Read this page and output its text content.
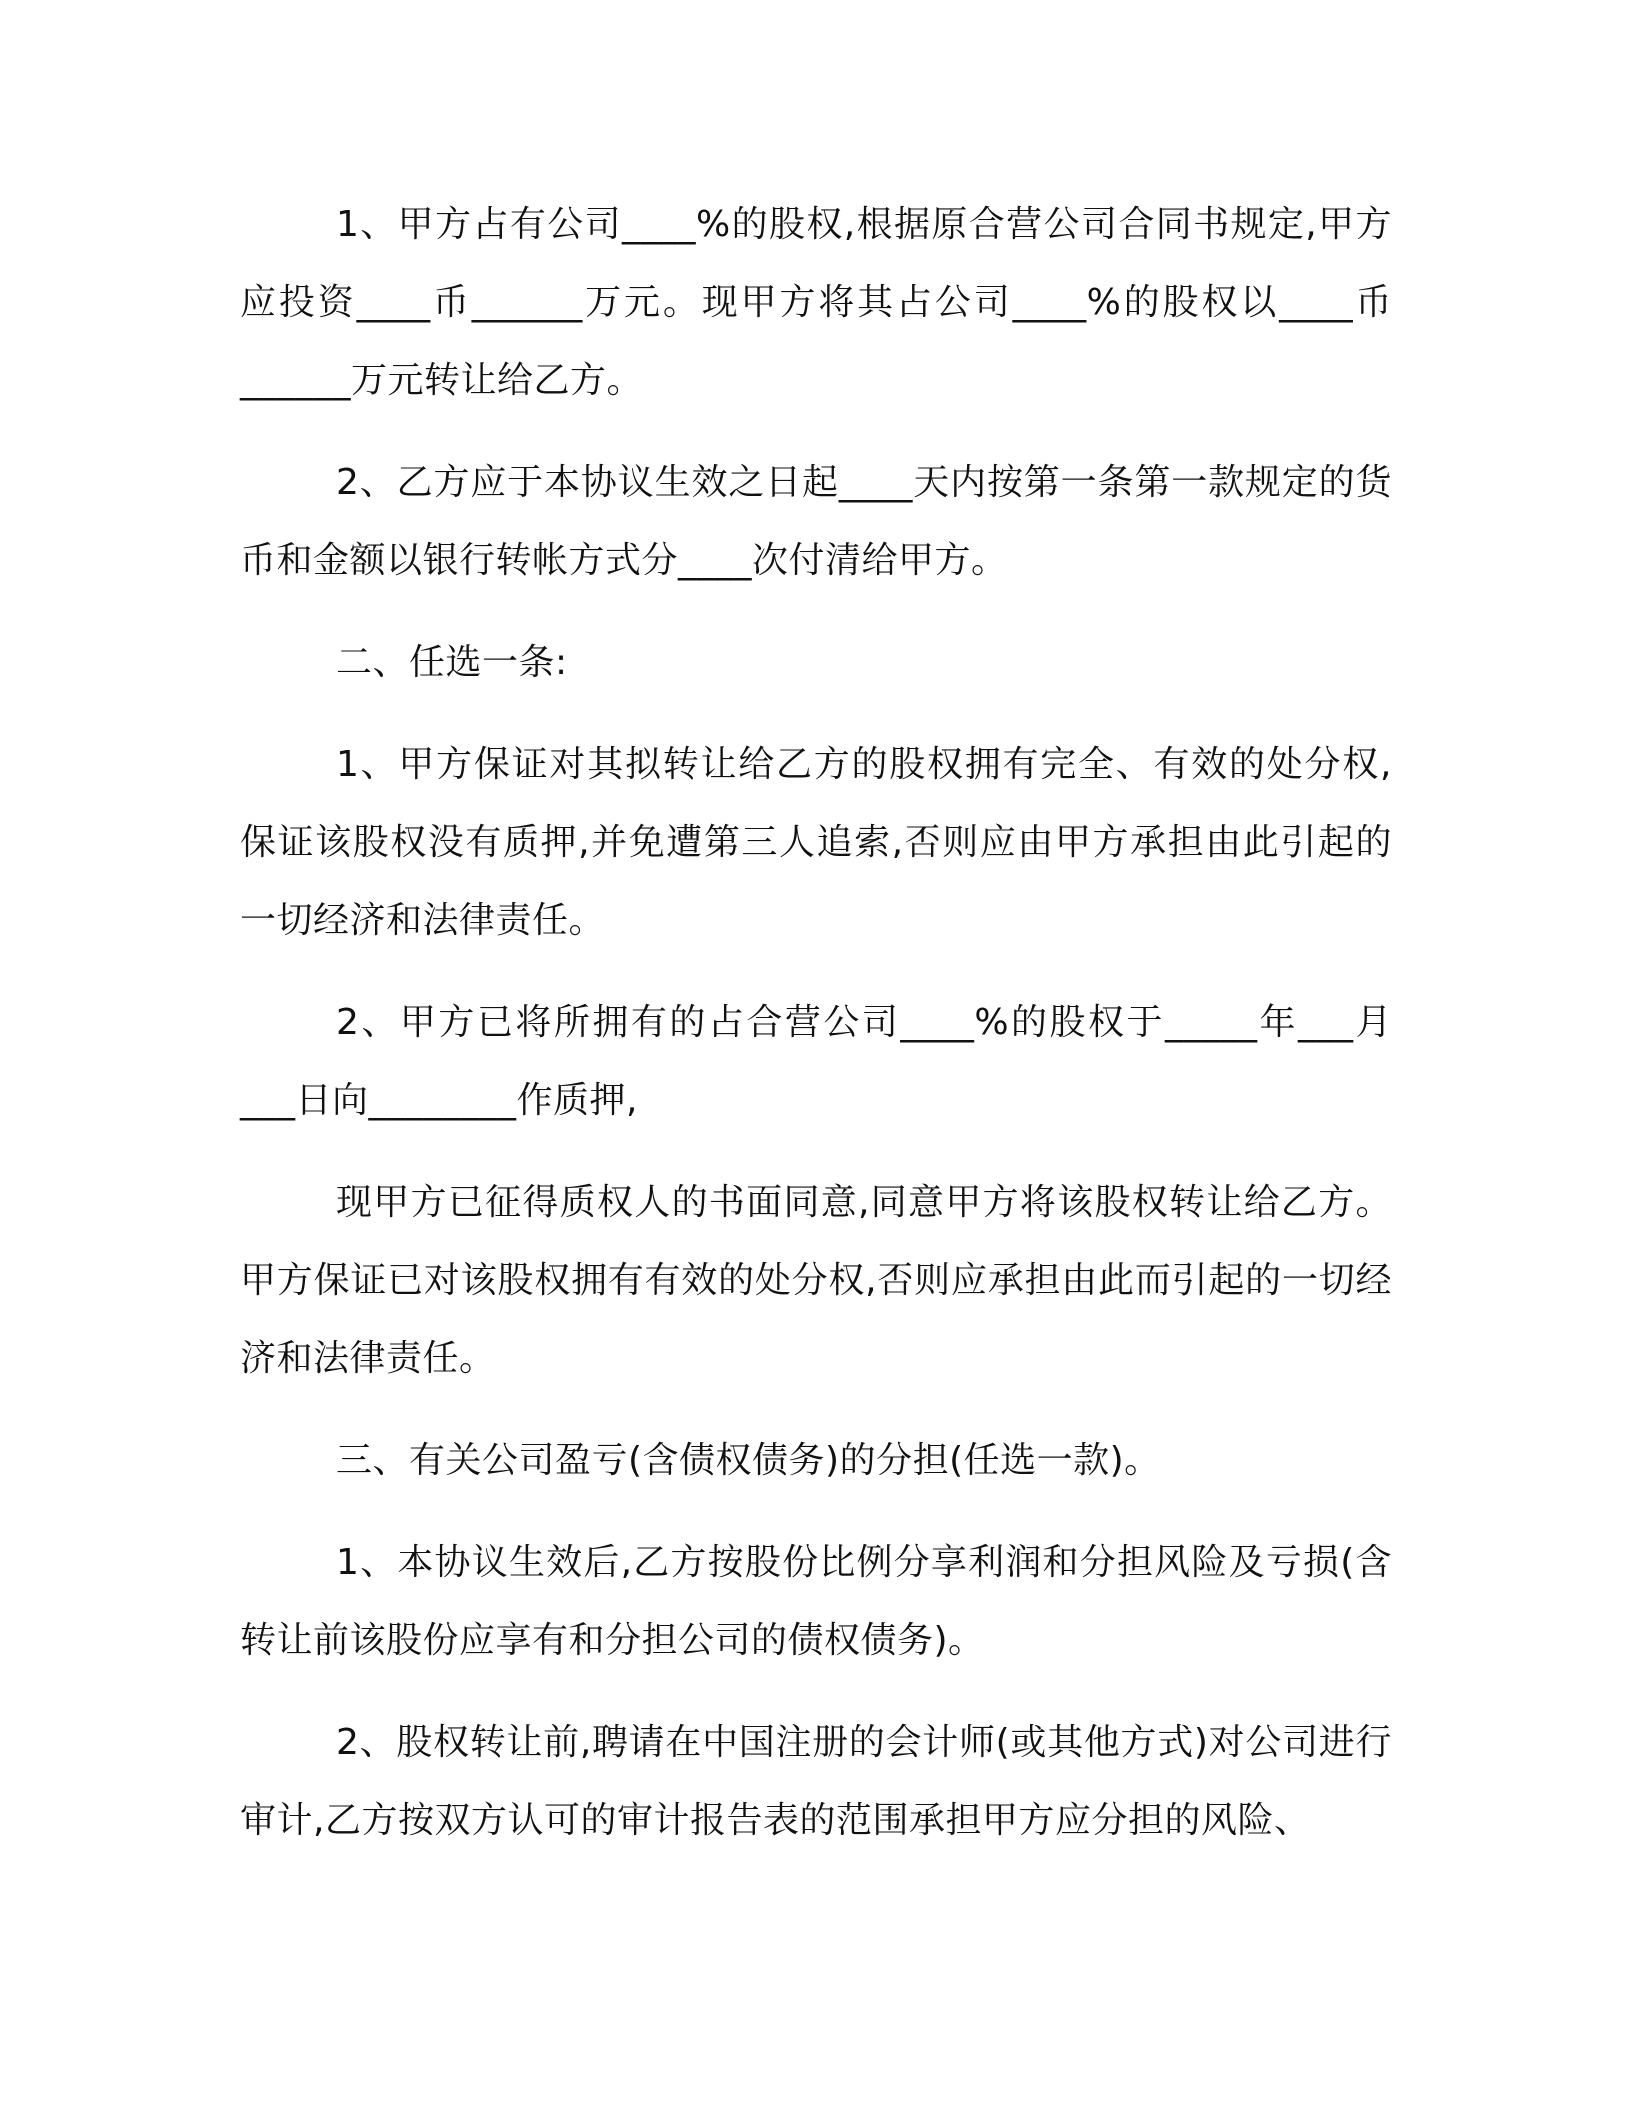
1、甲方占有公司____%的股权,根据原合营公司合同书规定,甲方应投资____币______万元。现甲方将其占公司____%的股权以____币______万元转让给乙方。

2、乙方应于本协议生效之日起____天内按第一条第一款规定的货币和金额以银行转帐方式分____次付清给甲方。

二、任选一条:

1、甲方保证对其拟转让给乙方的股权拥有完全、有效的处分权,保证该股权没有质押,并免遭第三人追索,否则应由甲方承担由此引起的一切经济和法律责任。

2、甲方已将所拥有的占合营公司____%的股权于_____年___月___日向________作质押,

现甲方已征得质权人的书面同意,同意甲方将该股权转让给乙方。甲方保证已对该股权拥有有效的处分权,否则应承担由此而引起的一切经济和法律责任。

三、有关公司盈亏(含债权债务)的分担(任选一款)。

1、本协议生效后,乙方按股份比例分享利润和分担风险及亏损(含转让前该股份应享有和分担公司的债权债务)。

2、股权转让前,聘请在中国注册的会计师(或其他方式)对公司进行审计,乙方按双方认可的审计报告表的范围承担甲方应分担的风险、
